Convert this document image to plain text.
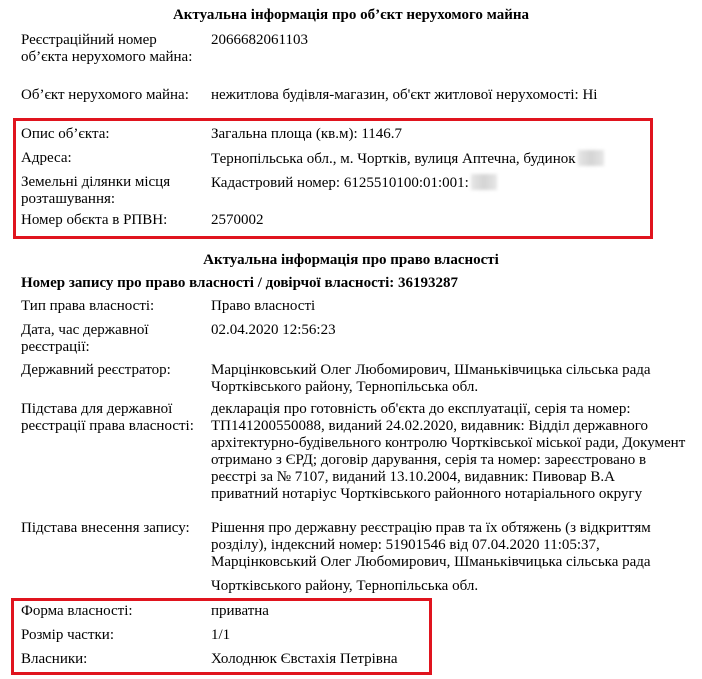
Актуальна інформація про об’єкт нерухомого майна
Реєстраційний номер об’єкта нерухомого майна:
2066682061103
Об’єкт нерухомого майна:	нежитлова будівля-магазин, об'єкт житлової нерухомості: Ні
Опис об’єкта:	Загальна площа (кв.м): 1146.7
Адреса:	Тернопільська обл., м. Чортків, вулиця Аптечна, будинок
Земельні ділянки місця розташування:
Кадастровий номер: 6125510100:01:001:
Номер обєкта в РПВН:	2570002
Актуальна інформація про право власності
Номер запису про право власності / довірчої власності: 36193287
Тип права власності:	Право власності
Дата, час державної реєстрації:
02.04.2020 12:56:23
Державний реєстратор:	Марцінковський Олег Любомирович, Шманьківчицька сільська рада Чортківського району, Тернопільська обл.
Підстава для державної реєстрації права власності:
декларація про готовність об'єкта до експлуатації, серія та номер: ТП141200550088, виданий 24.02.2020, видавник: Відділ державного архітектурно-будівельного контролю Чортківської міської ради, Документ отримано з ЄРД; договір дарування, серія та номер: зареєстровано в реєстрі за № 7107, виданий 13.10.2004, видавник: Пивовар В.А приватний нотаріус Чортківського районного нотаріального округу
Підстава внесення запису:	Рішення про державну реєстрацію прав та їх обтяжень (з відкриттям розділу), індексний номер: 51901546 від 07.04.2020 11:05:37, Марцінковський Олег Любомирович, Шманьківчицька сільська рада
Чортківського району, Тернопільська обл.
Форма власності:	приватна
Розмір частки:	1/1
Власники:	Холоднюк Євстахія Петрівна
